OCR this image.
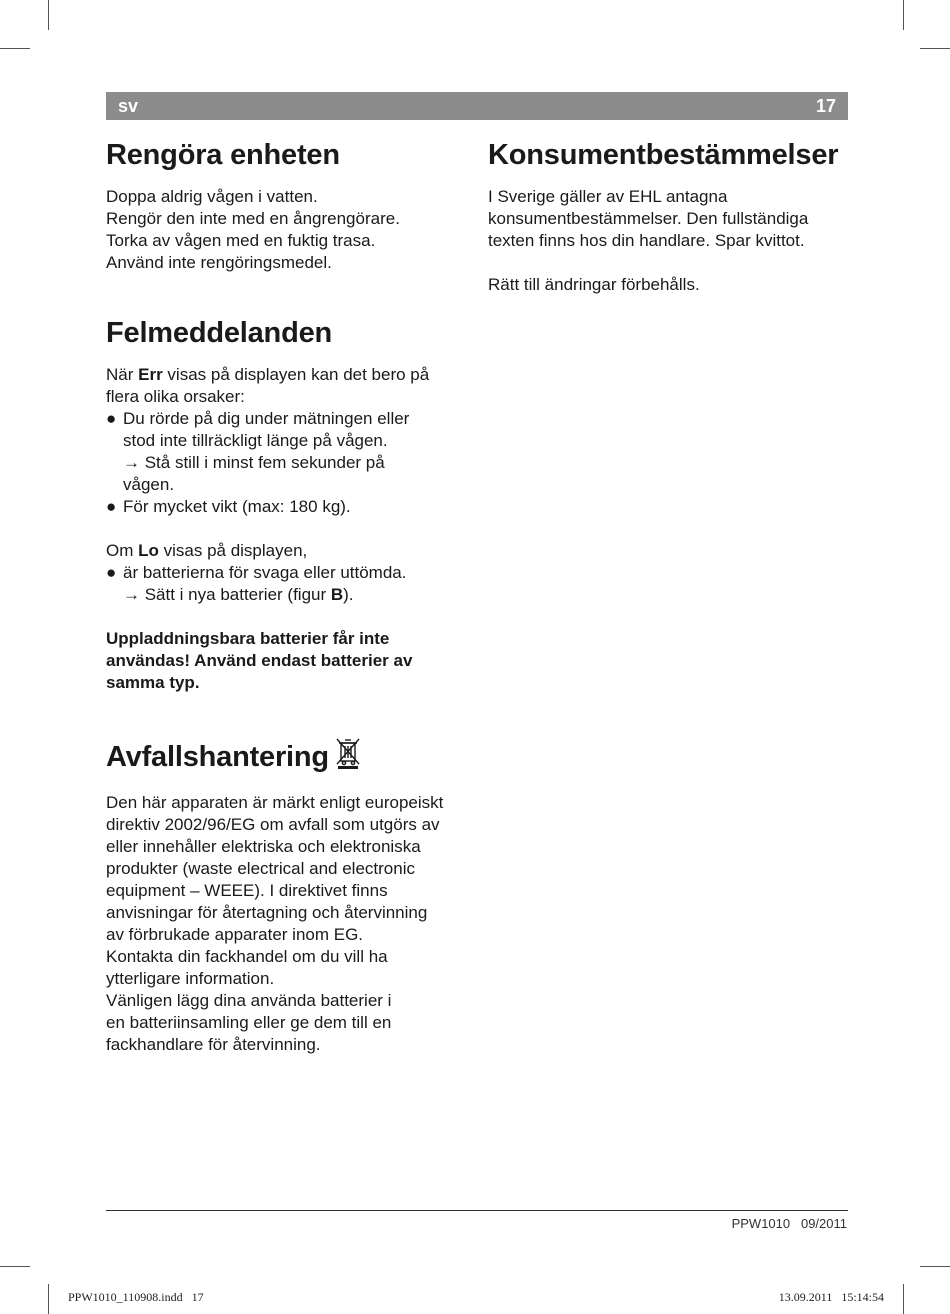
sv	17
Rengöra enheten
Doppa aldrig vågen i vatten.
Rengör den inte med en ångrengörare.
Torka av vågen med en fuktig trasa.
Använd inte rengöringsmedel.
Felmeddelanden
När Err visas på displayen kan det bero på
flera olika orsaker:
● Du rörde på dig under mätningen eller
stod inte tillräckligt länge på vågen.
→ Stå still i minst fem sekunder på
vågen.
● För mycket vikt (max: 180 kg).
Om Lo visas på displayen,
● är batterierna för svaga eller uttömda.
→ Sätt i nya batterier (figur B).
Uppladdningsbara batterier får inte
användas! Använd endast batterier av
samma typ.
Avfallshantering
Den här apparaten är märkt enligt europeiskt
direktiv 2002/96/EG om avfall som utgörs av
eller innehåller elektriska och elektroniska
produkter (waste electrical and electronic
equipment – WEEE). I direktivet finns
anvisningar för återtagning och återvinning
av förbrukade apparater inom EG.
Kontakta din fackhandel om du vill ha
ytterligare information.
Vänligen lägg dina använda batterier i
en batteriinsamling eller ge dem till en
fackhandlare för återvinning.
Konsumentbestämmelser
I Sverige gäller av EHL antagna
konsumentbestämmelser. Den fullständiga
texten finns hos din handlare. Spar kvittot.
Rätt till ändringar förbehålls.
PPW1010   09/2011
PPW1010_110908.indd   17	13.09.2011   15:14:54
